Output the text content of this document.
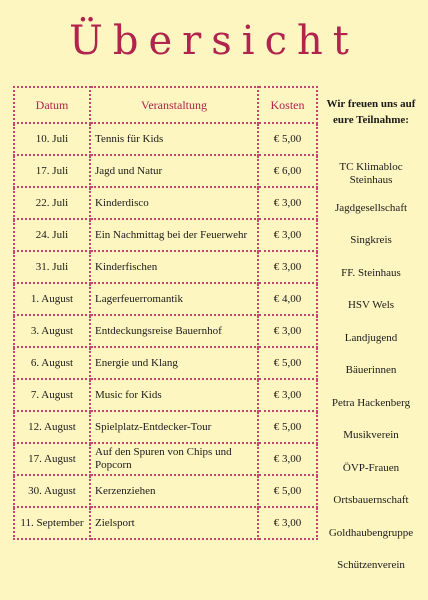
Übersicht
Datum	Veranstaltung	Kosten
10. Juli	Tennis für Kids	€ 5,00
17. Juli	Jagd und Natur	€ 6,00
22. Juli	Kinderdisco	€ 3,00
24. Juli	Ein Nachmittag bei der Feuerwehr	€ 3,00
31. Juli	Kinderfischen	€ 3,00
1. August	Lagerfeuerromantik	€ 4,00
3. August	Entdeckungsreise Bauernhof	€ 3,00
6. August	Energie und Klang	€ 5,00
7. August	Music for Kids	€ 3,00
12. August	Spielplatz-Entdecker-Tour	€ 5,00
17. August	Auf den Spuren von Chips und Popcorn	€ 3,00
30. August	Kerzenziehen	€ 5,00
11. September	Zielsport	€ 3,00
Wir freuen uns auf eure Teilnahme:
TC Klimabloc Steinhaus
Jagdgesellschaft
Singkreis
FF. Steinhaus
HSV Wels
Landjugend
Bäuerinnen
Petra Hackenberg
Musikverein
ÖVP-Frauen
Ortsbauernschaft
Goldhaubengruppe
Schützenverein
